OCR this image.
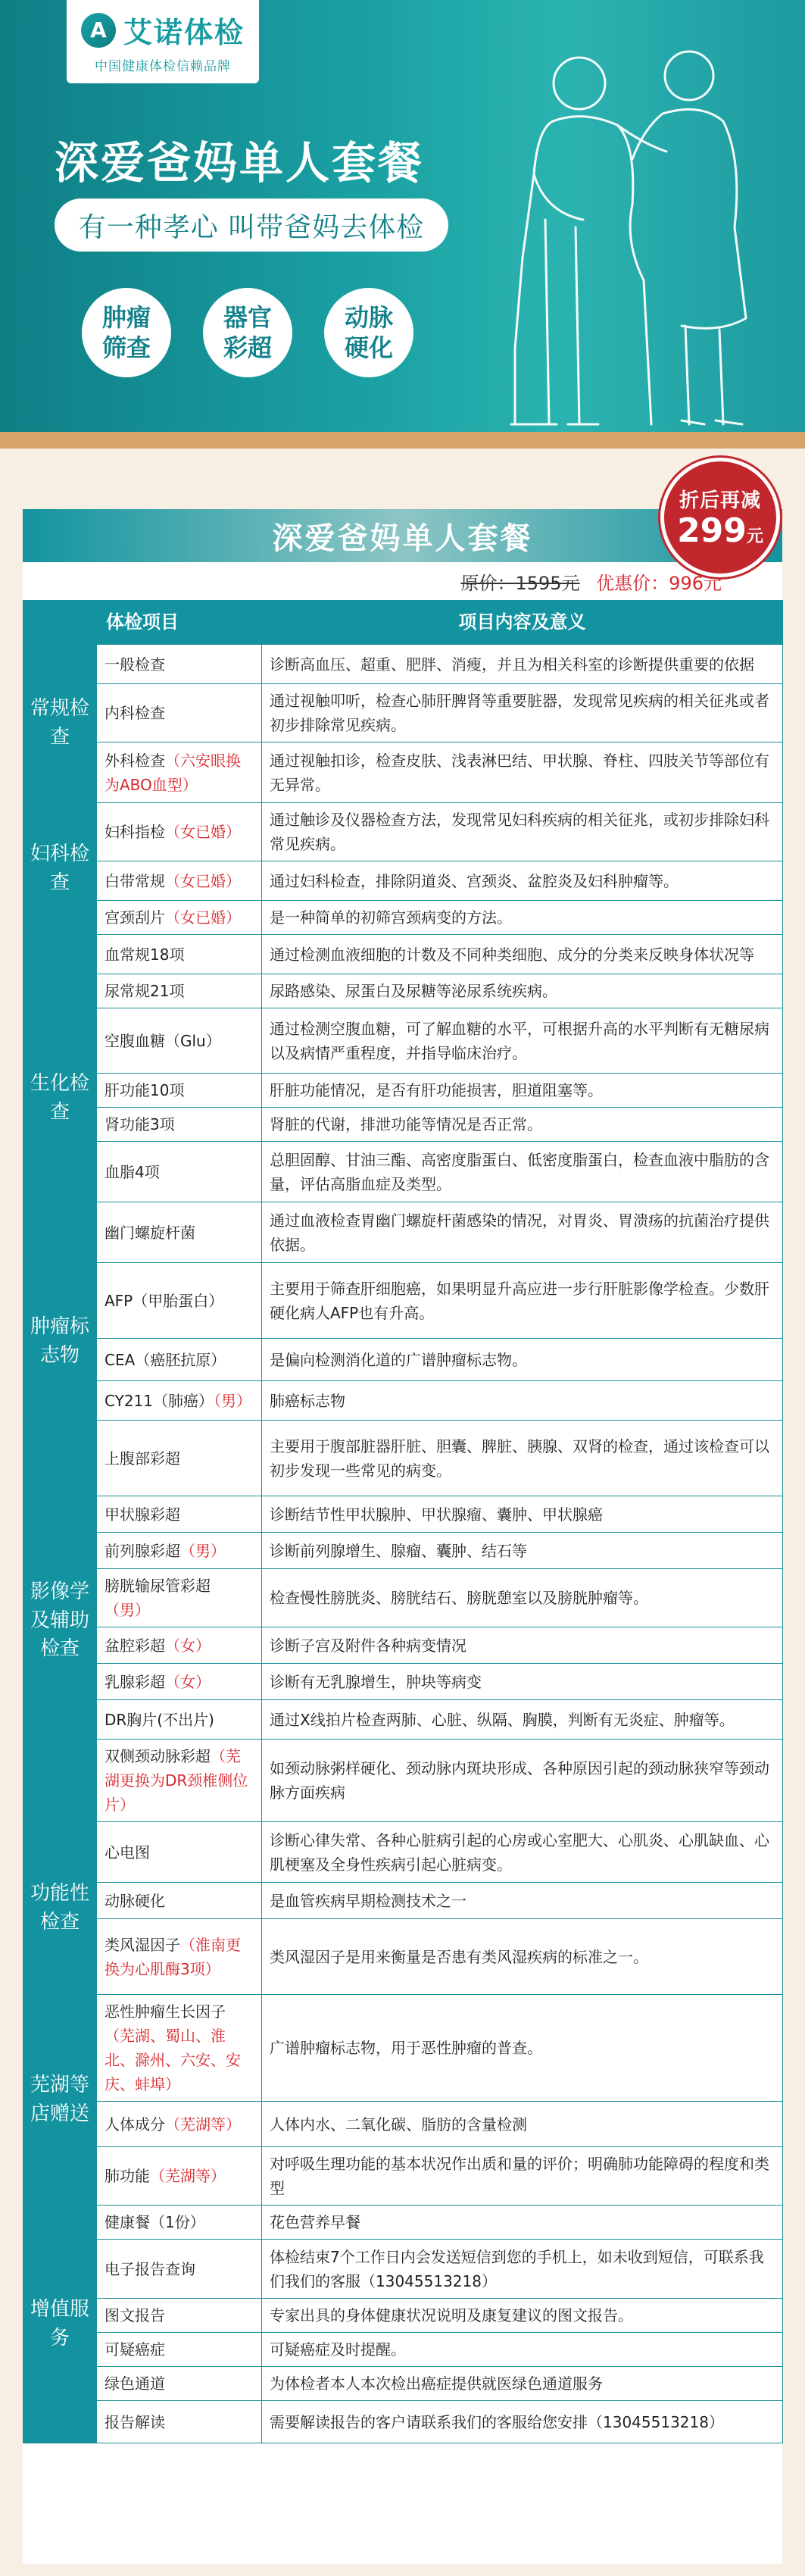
A 艾诺体检
中国健康体检信赖品牌
深爱爸妈单人套餐
有一种孝心 叫带爸妈去体检
肿瘤
筛查
器官
彩超
动脉
硬化
深爱爸妈单人套餐
原价：1595元 优惠价：996元
体检项目		项目内容及意义
常规检查	一般检查	诊断高血压、超重、肥胖、消瘦，并且为相关科室的诊断提供重要的依据
	内科检查	通过视触叩听，检查心肺肝脾肾等重要脏器，发现常见疾病的相关征兆或者初步排除常见疾病。
	外科检查（六安眼换为ABO血型）	通过视触扣诊，检查皮肤、浅表淋巴结、甲状腺、脊柱、四肢关节等部位有无异常。
妇科检查	妇科指检（女已婚）	通过触诊及仪器检查方法，发现常见妇科疾病的相关征兆，或初步排除妇科常见疾病。
	白带常规（女已婚）	通过妇科检查，排除阴道炎、宫颈炎、盆腔炎及妇科肿瘤等。
	宫颈刮片（女已婚）	是一种简单的初筛宫颈病变的方法。
生化检查	血常规18项	通过检测血液细胞的计数及不同种类细胞、成分的分类来反映身体状况等
	尿常规21项	尿路感染、尿蛋白及尿糖等泌尿系统疾病。
	空腹血糖（Glu）	通过检测空腹血糖，可了解血糖的水平，可根据升高的水平判断有无糖尿病以及病情严重程度，并指导临床治疗。
	肝功能10项	肝脏功能情况，是否有肝功能损害，胆道阻塞等。
	肾功能3项	肾脏的代谢，排泄功能等情况是否正常。
	血脂4项	总胆固醇、甘油三酯、高密度脂蛋白、低密度脂蛋白，检查血液中脂肪的含量，评估高脂血症及类型。
	幽门螺旋杆菌	通过血液检查胃幽门螺旋杆菌感染的情况，对胃炎、胃溃疡的抗菌治疗提供依据。
肿瘤标志物	AFP（甲胎蛋白）	主要用于筛查肝细胞癌，如果明显升高应进一步行肝脏影像学检查。少数肝硬化病人AFP也有升高。
	CEA（癌胚抗原）	是偏向检测消化道的广谱肿瘤标志物。
	CY211（肺癌）（男）	肺癌标志物
影像学及辅助检查	上腹部彩超	主要用于腹部脏器肝脏、胆囊、脾脏、胰腺、双肾的检查，通过该检查可以初步发现一些常见的病变。
	甲状腺彩超	诊断结节性甲状腺肿、甲状腺瘤、囊肿、甲状腺癌
	前列腺彩超（男）	诊断前列腺增生、腺瘤、囊肿、结石等
	膀胱输尿管彩超（男）	检查慢性膀胱炎、膀胱结石、膀胱憩室以及膀胱肿瘤等。
	盆腔彩超（女）	诊断子宫及附件各种病变情况
	乳腺彩超（女）	诊断有无乳腺增生，肿块等病变
	DR胸片(不出片)	通过X线拍片检查两肺、心脏、纵隔、胸膜，判断有无炎症、肿瘤等。
	双侧颈动脉彩超（芜湖更换为DR颈椎侧位片）	如颈动脉粥样硬化、颈动脉内斑块形成、各种原因引起的颈动脉狭窄等颈动脉方面疾病
功能性检查	心电图	诊断心律失常、各种心脏病引起的心房或心室肥大、心肌炎、心肌缺血、心肌梗塞及全身性疾病引起心脏病变。
	动脉硬化	是血管疾病早期检测技术之一
	类风湿因子（淮南更换为心肌酶3项）	类风湿因子是用来衡量是否患有类风湿疾病的标准之一。
芜湖等店赠送	恶性肿瘤生长因子（芜湖、蜀山、淮北、滁州、六安、安庆、蚌埠）	广谱肿瘤标志物，用于恶性肿瘤的普查。
	人体成分（芜湖等）	人体内水、二氧化碳、脂肪的含量检测
	肺功能（芜湖等）	对呼吸生理功能的基本状况作出质和量的评价；明确肺功能障碍的程度和类型
增值服务	健康餐（1份）	花色营养早餐
	电子报告查询	体检结束7个工作日内会发送短信到您的手机上，如未收到短信，可联系我们我们的客服（13045513218）
	图文报告	专家出具的身体健康状况说明及康复建议的图文报告。
	可疑癌症	可疑癌症及时提醒。
	绿色通道	为体检者本人本次检出癌症提供就医绿色通道服务
	报告解读	需要解读报告的客户请联系我们的客服给您安排（13045513218）
折后再减
299元
